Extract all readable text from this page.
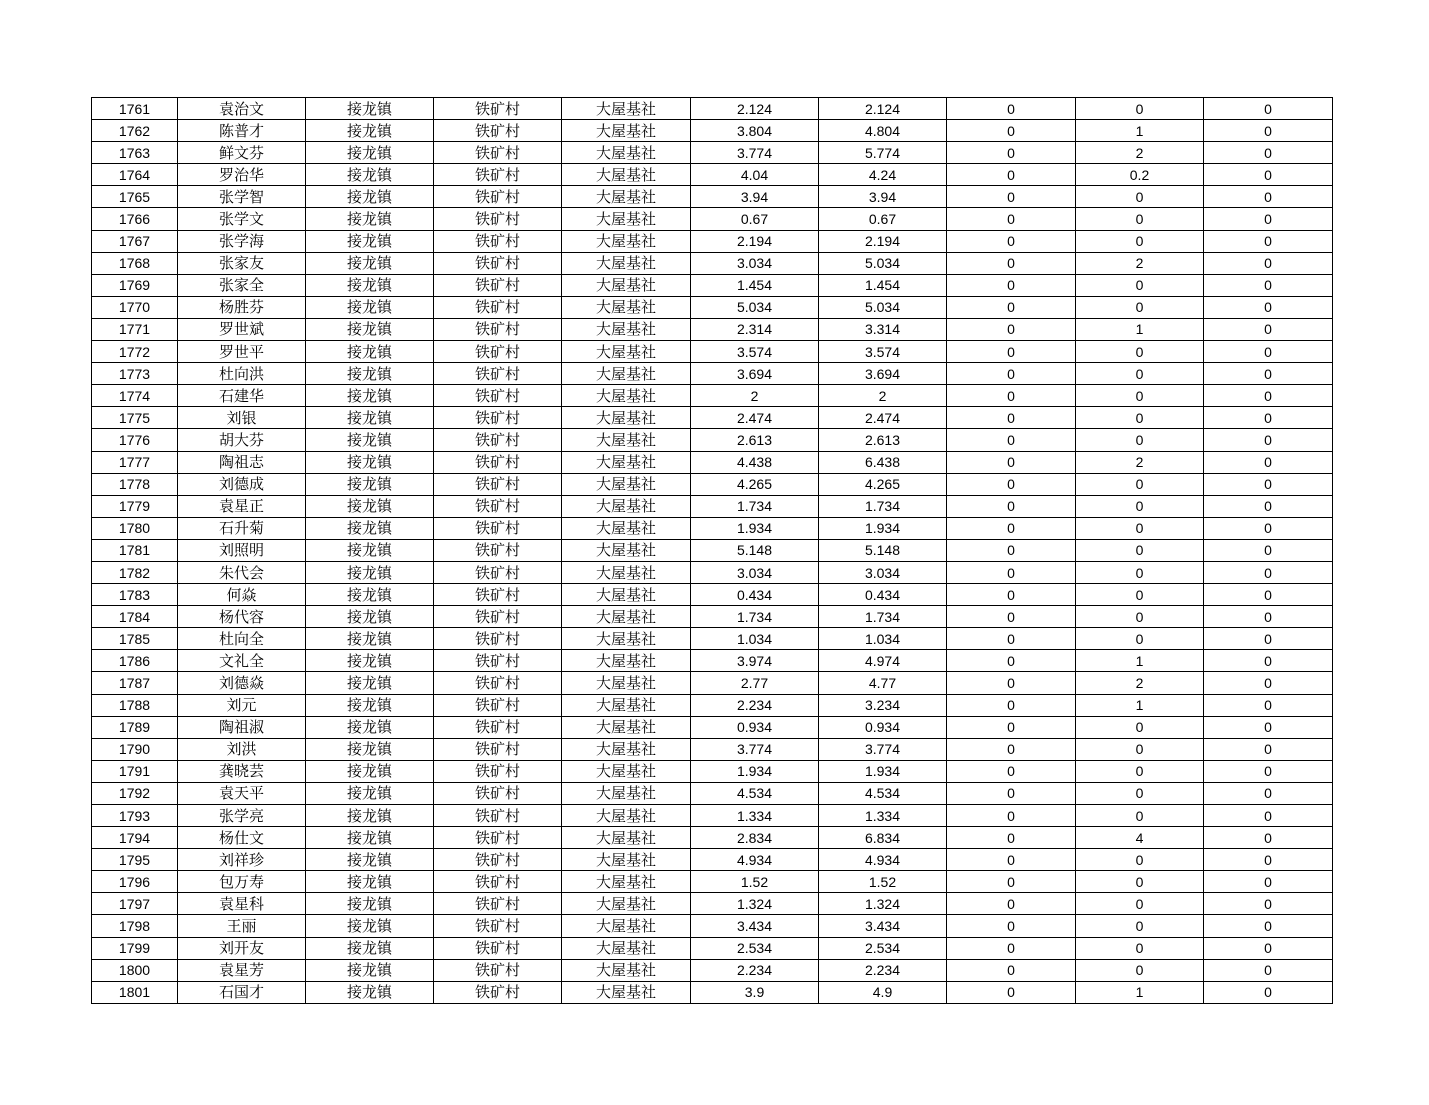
1761	袁治文	接龙镇	铁矿村	大屋基社	2.124	2.124	0	0	0
1762	陈普才	接龙镇	铁矿村	大屋基社	3.804	4.804	0	1	0
1763	鲜文芬	接龙镇	铁矿村	大屋基社	3.774	5.774	0	2	0
1764	罗治华	接龙镇	铁矿村	大屋基社	4.04	4.24	0	0.2	0
1765	张学智	接龙镇	铁矿村	大屋基社	3.94	3.94	0	0	0
1766	张学文	接龙镇	铁矿村	大屋基社	0.67	0.67	0	0	0
1767	张学海	接龙镇	铁矿村	大屋基社	2.194	2.194	0	0	0
1768	张家友	接龙镇	铁矿村	大屋基社	3.034	5.034	0	2	0
1769	张家全	接龙镇	铁矿村	大屋基社	1.454	1.454	0	0	0
1770	杨胜芬	接龙镇	铁矿村	大屋基社	5.034	5.034	0	0	0
1771	罗世斌	接龙镇	铁矿村	大屋基社	2.314	3.314	0	1	0
1772	罗世平	接龙镇	铁矿村	大屋基社	3.574	3.574	0	0	0
1773	杜向洪	接龙镇	铁矿村	大屋基社	3.694	3.694	0	0	0
1774	石建华	接龙镇	铁矿村	大屋基社	2	2	0	0	0
1775	刘银	接龙镇	铁矿村	大屋基社	2.474	2.474	0	0	0
1776	胡大芬	接龙镇	铁矿村	大屋基社	2.613	2.613	0	0	0
1777	陶祖志	接龙镇	铁矿村	大屋基社	4.438	6.438	0	2	0
1778	刘德成	接龙镇	铁矿村	大屋基社	4.265	4.265	0	0	0
1779	袁星正	接龙镇	铁矿村	大屋基社	1.734	1.734	0	0	0
1780	石升菊	接龙镇	铁矿村	大屋基社	1.934	1.934	0	0	0
1781	刘照明	接龙镇	铁矿村	大屋基社	5.148	5.148	0	0	0
1782	朱代会	接龙镇	铁矿村	大屋基社	3.034	3.034	0	0	0
1783	何焱	接龙镇	铁矿村	大屋基社	0.434	0.434	0	0	0
1784	杨代容	接龙镇	铁矿村	大屋基社	1.734	1.734	0	0	0
1785	杜向全	接龙镇	铁矿村	大屋基社	1.034	1.034	0	0	0
1786	文礼全	接龙镇	铁矿村	大屋基社	3.974	4.974	0	1	0
1787	刘德焱	接龙镇	铁矿村	大屋基社	2.77	4.77	0	2	0
1788	刘元	接龙镇	铁矿村	大屋基社	2.234	3.234	0	1	0
1789	陶祖淑	接龙镇	铁矿村	大屋基社	0.934	0.934	0	0	0
1790	刘洪	接龙镇	铁矿村	大屋基社	3.774	3.774	0	0	0
1791	龚晓芸	接龙镇	铁矿村	大屋基社	1.934	1.934	0	0	0
1792	袁天平	接龙镇	铁矿村	大屋基社	4.534	4.534	0	0	0
1793	张学亮	接龙镇	铁矿村	大屋基社	1.334	1.334	0	0	0
1794	杨仕文	接龙镇	铁矿村	大屋基社	2.834	6.834	0	4	0
1795	刘祥珍	接龙镇	铁矿村	大屋基社	4.934	4.934	0	0	0
1796	包万寿	接龙镇	铁矿村	大屋基社	1.52	1.52	0	0	0
1797	袁星科	接龙镇	铁矿村	大屋基社	1.324	1.324	0	0	0
1798	王丽	接龙镇	铁矿村	大屋基社	3.434	3.434	0	0	0
1799	刘开友	接龙镇	铁矿村	大屋基社	2.534	2.534	0	0	0
1800	袁星芳	接龙镇	铁矿村	大屋基社	2.234	2.234	0	0	0
1801	石国才	接龙镇	铁矿村	大屋基社	3.9	4.9	0	1	0
